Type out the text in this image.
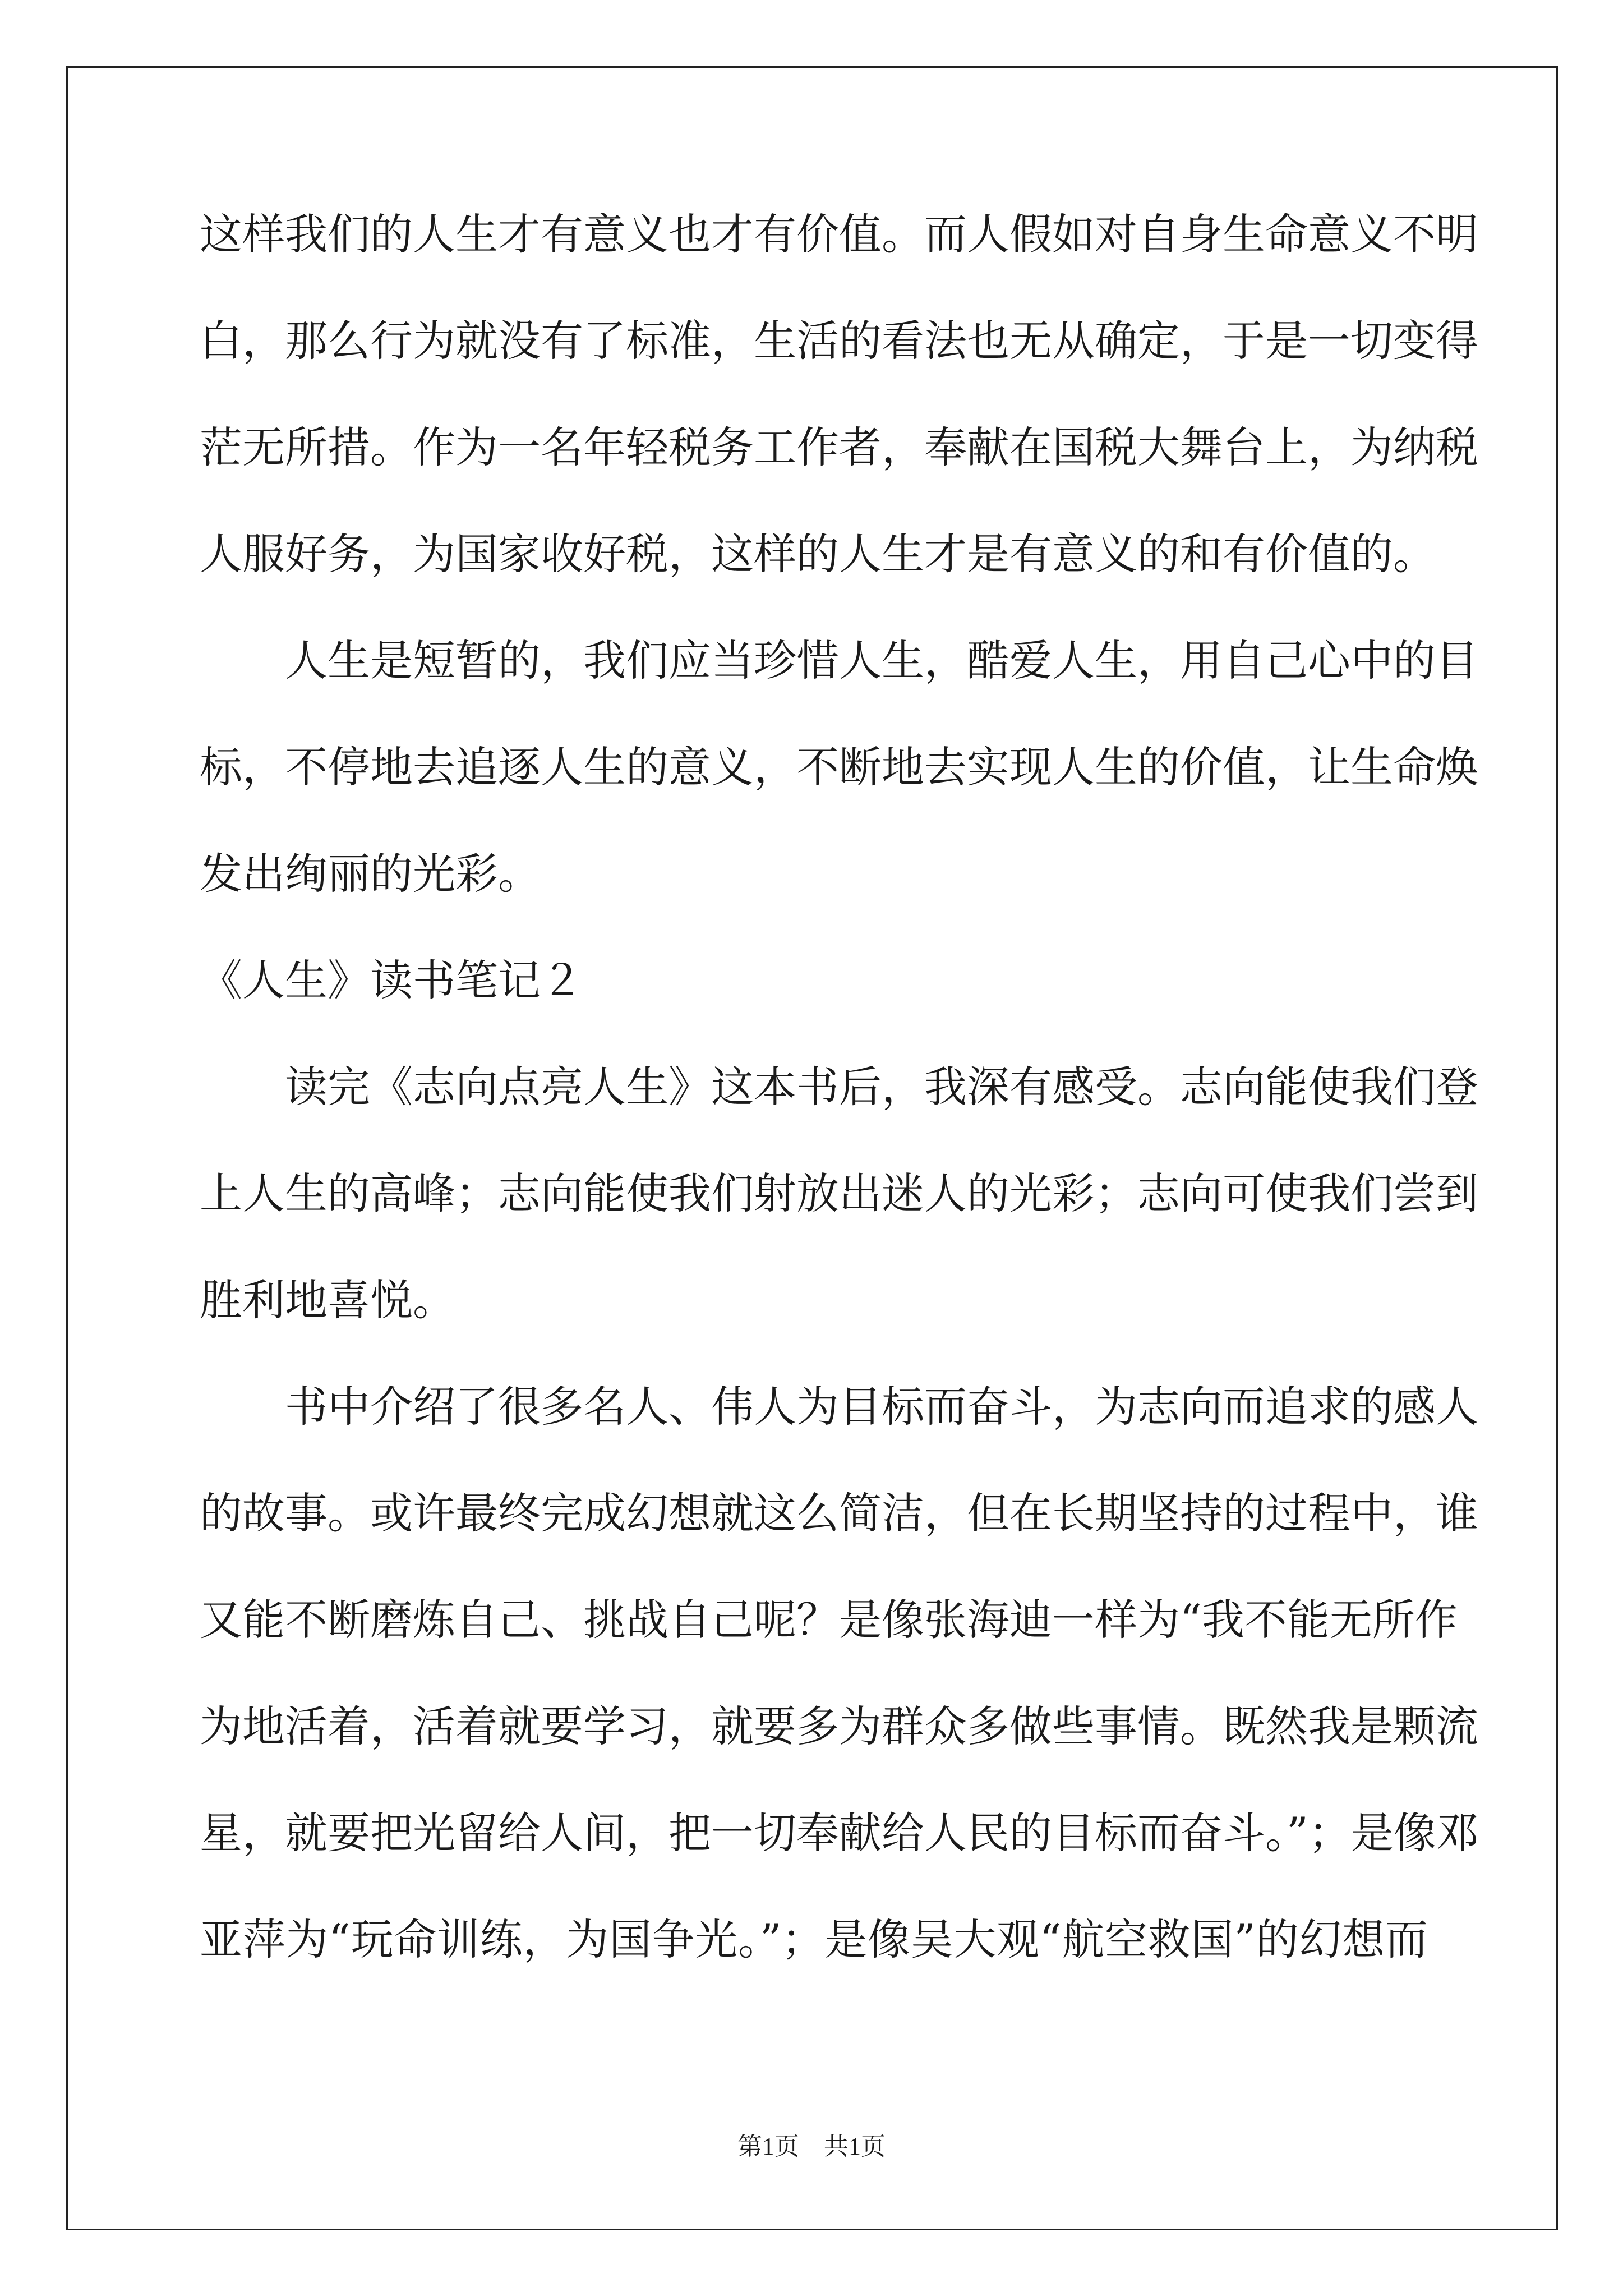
这样我们的人生才有意义也才有价值。而人假如对自身生命意义不明
白，那么行为就没有了标准，生活的看法也无从确定，于是一切变得
茫无所措。作为一名年轻税务工作者，奉献在国税大舞台上，为纳税
人服好务，为国家收好税，这样的人生才是有意义的和有价值的。
　　人生是短暂的，我们应当珍惜人生，酷爱人生，用自己心中的目
标，不停地去追逐人生的意义，不断地去实现人生的价值，让生命焕
发出绚丽的光彩。
《人生》读书笔记２
　　读完《志向点亮人生》这本书后，我深有感受。志向能使我们登
上人生的高峰；志向能使我们射放出迷人的光彩；志向可使我们尝到
胜利地喜悦。
　　书中介绍了很多名人、伟人为目标而奋斗，为志向而追求的感人
的故事。或许最终完成幻想就这么简洁，但在长期坚持的过程中，谁
又能不断磨炼自己、挑战自己呢？是像张海迪一样为“我不能无所作
为地活着，活着就要学习，就要多为群众多做些事情。既然我是颗流
星，就要把光留给人间，把一切奉献给人民的目标而奋斗。”；是像邓
亚萍为“玩命训练，为国争光。”；是像吴大观“航空救国”的幻想而
第1页　共1页
